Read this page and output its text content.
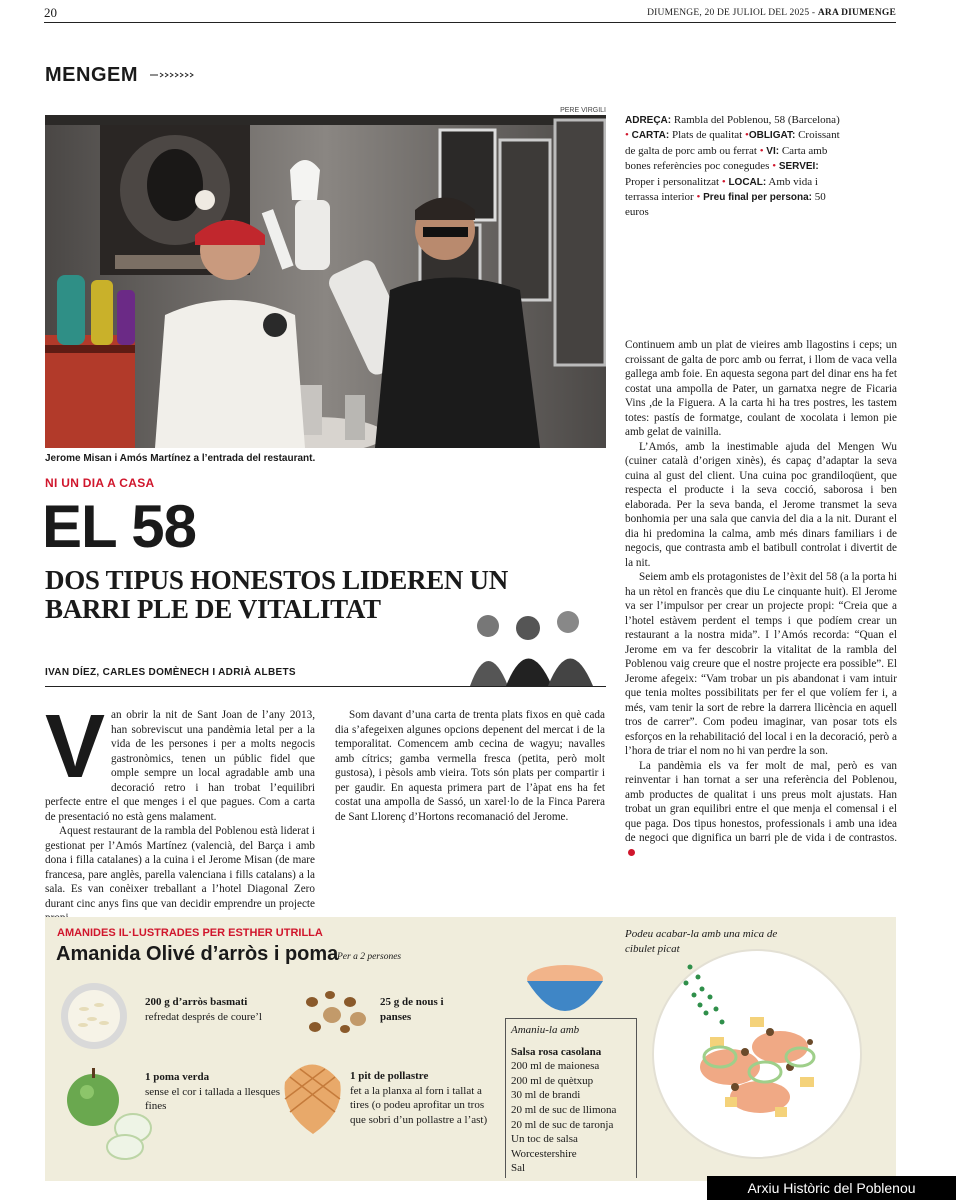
20	DIUMENGE, 20 DE JULIOL DEL 2025 - ARA DIUMENGE
MENGEM
PERE VIRGILI
Jerome Misan i Amós Martínez a l’entrada del restaurant.
ADREÇA: Rambla del Poblenou, 58 (Barcelona) • CARTA: Plats de qualitat •OBLIGAT: Croissant de galta de porc amb ou ferrat • VI: Carta amb bones referències poc conegudes • SERVEI: Proper i personalitzat • LOCAL: Amb vida i terrassa interior • Preu final per persona: 50 euros
NI UN DIA A CASA
EL 58
DOS TIPUS HONESTOS LIDEREN UN BARRI PLE DE VITALITAT
IVAN DÍEZ, CARLES DOMÈNECH I ADRIÀ ALBETS
V an obrir la nit de Sant Joan de l’any 2013, han sobreviscut una pandèmia letal per a la vida de les persones i per a molts negocis gastronòmics, tenen un públic fidel que omple sempre un local agradable amb una decoració retro i han trobat l’equilibri perfecte entre el que menges i el que pagues. Com a carta de presentació no està gens malament.

Aquest restaurant de la rambla del Poblenou està liderat i gestionat per l’Amós Martínez (valencià, del Barça i amb dona i filla catalanes) a la cuina i el Jerome Misan (de mare francesa, pare anglès, parella valenciana i fills catalans) a la sala. Es van conèixer treballant a l’hotel Diagonal Zero durant cinc anys fins que van decidir emprendre un projecte

Som davant d’una carta de trenta plats fixos en què cada dia s’afegeixen algunes opcions depenent del mercat i de la temporalitat. Comencem amb cecina de wagyu; navalles amb cítrics; gamba vermella fresca (petita, però molt gustosa), i pèsols amb vieira. Tots són plats per compartir i per gaudir. En aquesta primera part de l’àpat ens ha fet costat una ampolla de Sassó, un xarel·lo de la Finca Parera de Sant Llorenç d’Hortons recomanació del Jerome.

Continuem amb un plat de vieires amb llagostins i ceps; un croissant de galta de porc amb ou ferrat, i llom de vaca vella gallega amb foie. En aquesta segona part del dinar ens ha fet costat una ampolla de Pater, un garnatxa negre de Ficaria Vins ,de la Figuera. A la carta hi ha tres postres, les tastem totes: pastís de formatge, coulant de xocolata i lemon pie amb gelat de vainilla.

L’Amós, amb la inestimable ajuda del Mengen Wu (cuiner català d’origen xinès), és capaç d’adaptar la seva cuina al gust del client. Una cuina poc grandiloqüent, que respecta el producte i la seva cocció, saborosa i ben elaborada. Per la seva banda, el Jerome transmet la seva bonhomia per una sala que canvia del dia a la nit. Durant el dia hi predomina la calma, amb més dinars familiars i de negocis, que contrasta amb el batibull controlat i divertit de la nit.

Seiem amb els protagonistes de l’èxit del 58 (a la porta hi ha un rètol en francès que diu Le cinquante huit). El Jerome va ser l’impulsor per crear un projecte propi: “Creia que a l’hotel estàvem perdent el temps i que podíem crear un restaurant a la nostra mida”. I l’Amós recorda: “Quan el Jerome em va fer descobrir la vitalitat de la rambla del Poblenou vaig creure que el nostre projecte era possible”. El Jerome afegeix: “Vam trobar un pis abandonat i vam intuir que tenia moltes possibilitats per fer el que volíem fer i, a més, vam tenir la sort de rebre la darrera llicència en aquell tros de carrer”. Com podeu imaginar, van posar tots els esforços en la rehabilitació del local i en la decoració, però a l’hora de triar el nom no hi van perdre la son.

La pandèmia els va fer molt de mal, però es van reinventar i han tornat a ser una referència del Poblenou, amb productes de qualitat i uns preus molt ajustats. Han trobat un gran equilibri entre el que menja el comensal i el que paga. Dos tipus honestos, professionals i amb una idea de negoci que dignifica un barri ple de vida i de contrastos.

AMANIDES IL·LUSTRADES PER ESTHER UTRILLA
Amanida Olivé d’arròs i poma
Per a 2 persones
200 g d’arròs basmati
refredat després de coure’l
25 g de nous i panses
1 poma verda
sense el cor i tallada a llesques fines
1 pit de pollastre
fet a la planxa al forn i tallat a tires (o podeu aprofitar un tros que sobri d’un pollastre a l’ast)
Amaniu-la amb
Salsa rosa casolana
200 ml de maionesa
200 ml de quètxup
30 ml de brandi
20 ml de suc de llimona
20 ml de suc de taronja
Un toc de salsa Worcestershire
Sal
Podeu acabar-la amb una mica de cibulet picat
Arxiu Històric del Poblenou
